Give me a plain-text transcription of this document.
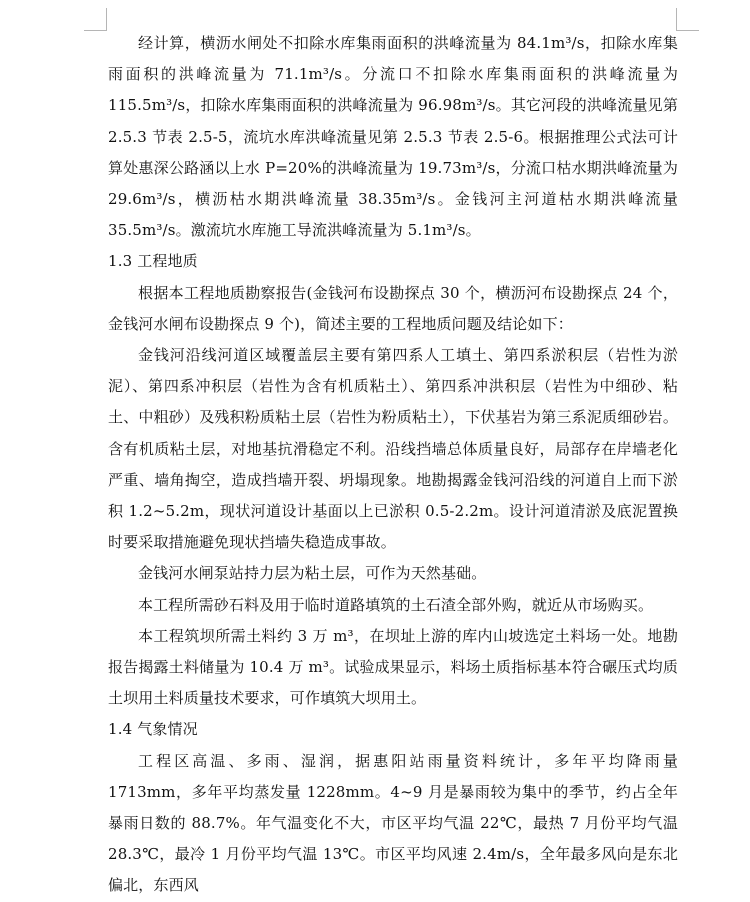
经计算，横沥水闸处不扣除水库集雨面积的洪峰流量为 84.1m³/s，扣除水库集雨面积的洪峰流量为 71.1m³/s。分流口不扣除水库集雨面积的洪峰流量为 115.5m³/s，扣除水库集雨面积的洪峰流量为 96.98m³/s。其它河段的洪峰流量见第 2.5.3 节表 2.5-5，流坑水库洪峰流量见第 2.5.3 节表 2.5-6。根据推理公式法可计算处惠深公路涵以上水 P=20%的洪峰流量为 19.73m³/s，分流口枯水期洪峰流量为 29.6m³/s，横沥枯水期洪峰流量 38.35m³/s。金钱河主河道枯水期洪峰流量 35.5m³/s。激流坑水库施工导流洪峰流量为 5.1m³/s。

1.3 工程地质

根据本工程地质勘察报告(金钱河布设勘探点 30 个，横沥河布设勘探点 24 个，金钱河水闸布设勘探点 9 个)，简述主要的工程地质问题及结论如下：

金钱河沿线河道区域覆盖层主要有第四系人工填土、第四系淤积层（岩性为淤泥）、第四系冲积层（岩性为含有机质粘土）、第四系冲洪积层（岩性为中细砂、粘土、中粗砂）及残积粉质粘土层（岩性为粉质粘土），下伏基岩为第三系泥质细砂岩。含有机质粘土层，对地基抗滑稳定不利。沿线挡墙总体质量良好，局部存在岸墙老化严重、墙角掏空，造成挡墙开裂、坍塌现象。地勘揭露金钱河沿线的河道自上而下淤积 1.2~5.2m，现状河道设计基面以上已淤积 0.5-2.2m。设计河道清淤及底泥置换时要采取措施避免现状挡墙失稳造成事故。

金钱河水闸泵站持力层为粘土层，可作为天然基础。

本工程所需砂石料及用于临时道路填筑的土石渣全部外购，就近从市场购买。

本工程筑坝所需土料约 3 万 m³，在坝址上游的库内山坡选定土料场一处。地勘报告揭露土料储量为 10.4 万 m³。试验成果显示，料场土质指标基本符合碾压式均质土坝用土料质量技术要求，可作填筑大坝用土。

1.4 气象情况

工程区高温、多雨、湿润，据惠阳站雨量资料统计，多年平均降雨量 1713mm，多年平均蒸发量 1228mm。4~9 月是暴雨较为集中的季节，约占全年暴雨日数的 88.7%。年气温变化不大，市区平均气温 22℃，最热 7 月份平均气温 28.3℃，最冷 1 月份平均气温 13℃。市区平均风速 2.4m/s，全年最多风向是东北偏北，东西风
